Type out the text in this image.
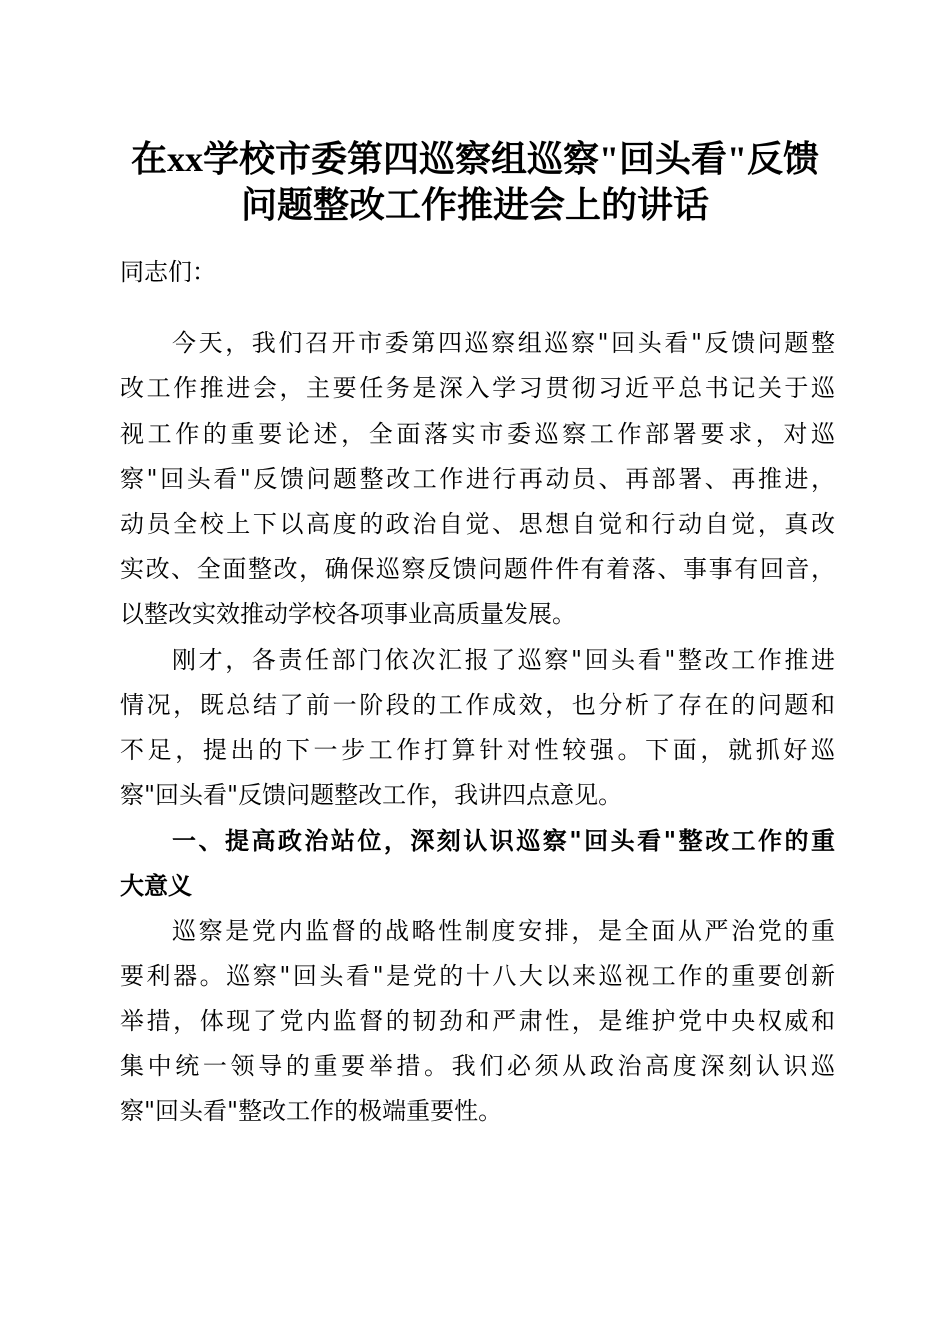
在xx学校市委第四巡察组巡察"回头看"反馈
问题整改工作推进会上的讲话
同志们：
今天，我们召开市委第四巡察组巡察"回头看"反馈问题整
改工作推进会，主要任务是深入学习贯彻习近平总书记关于巡
视工作的重要论述，全面落实市委巡察工作部署要求，对巡
察"回头看"反馈问题整改工作进行再动员、再部署、再推进，
动员全校上下以高度的政治自觉、思想自觉和行动自觉，真改
实改、全面整改，确保巡察反馈问题件件有着落、事事有回音，
以整改实效推动学校各项事业高质量发展。
刚才，各责任部门依次汇报了巡察"回头看"整改工作推进
情况，既总结了前一阶段的工作成效，也分析了存在的问题和
不足，提出的下一步工作打算针对性较强。下面，就抓好巡
察"回头看"反馈问题整改工作，我讲四点意见。
一、提高政治站位，深刻认识巡察"回头看"整改工作的重
大意义
巡察是党内监督的战略性制度安排，是全面从严治党的重
要利器。巡察"回头看"是党的十八大以来巡视工作的重要创新
举措，体现了党内监督的韧劲和严肃性，是维护党中央权威和
集中统一领导的重要举措。我们必须从政治高度深刻认识巡
察"回头看"整改工作的极端重要性。
